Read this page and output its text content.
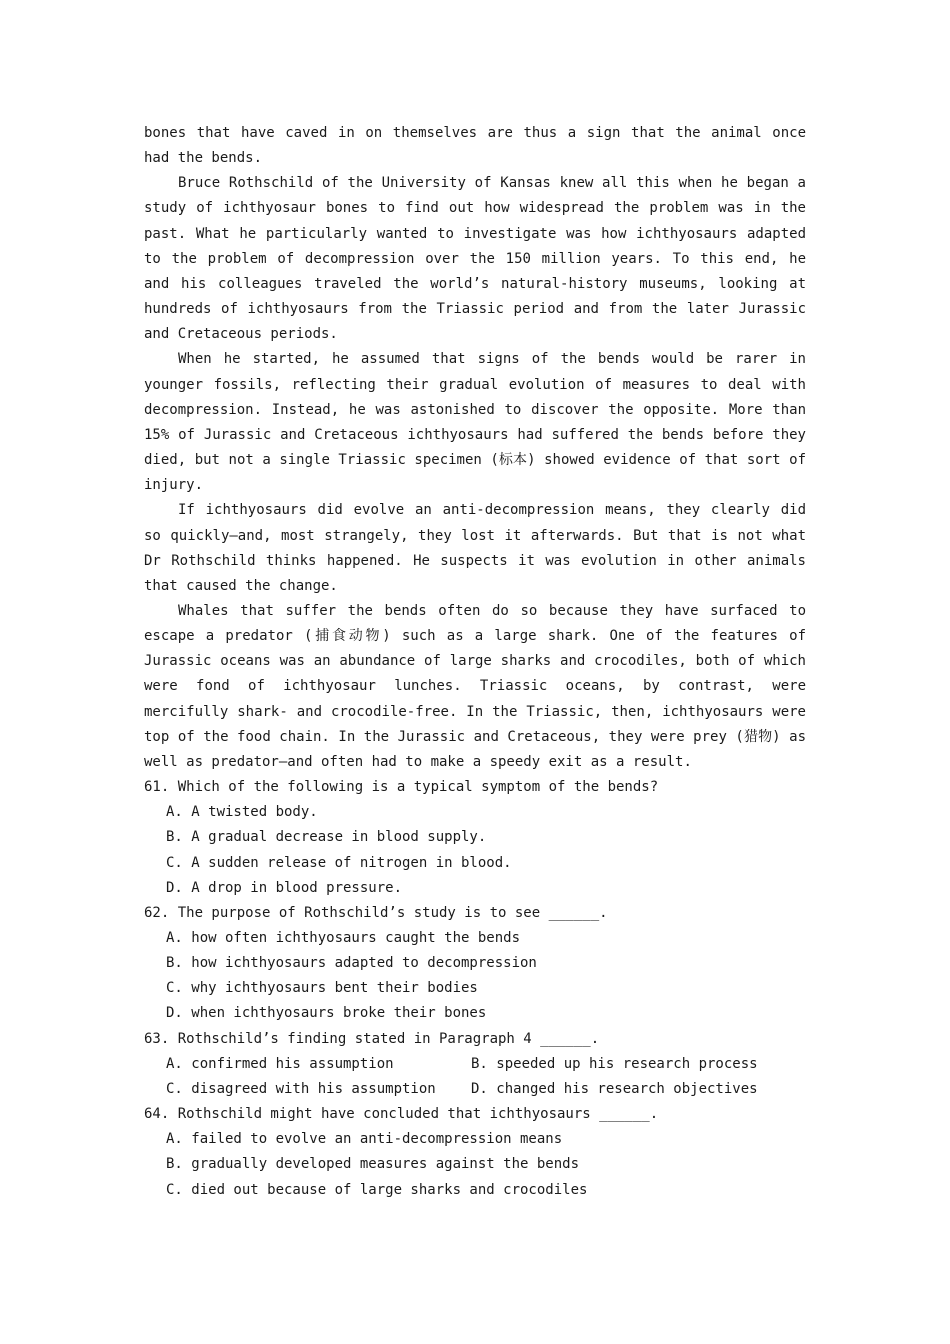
bones that have caved in on themselves are thus a sign that the animal once had the bends.

Bruce Rothschild of the University of Kansas knew all this when he began a study of ichthyosaur bones to find out how widespread the problem was in the past. What he particularly wanted to investigate was how ichthyosaurs adapted to the problem of decompression over the 150 million years. To this end, he and his colleagues traveled the world’s natural-history museums, looking at hundreds of ichthyosaurs from the Triassic period and from the later Jurassic and Cretaceous periods.

When he started, he assumed that signs of the bends would be rarer in younger fossils, reflecting their gradual evolution of measures to deal with decompression. Instead, he was astonished to discover the opposite. More than 15% of Jurassic and Cretaceous ichthyosaurs had suffered the bends before they died, but not a single Triassic specimen (标本) showed evidence of that sort of injury.

If ichthyosaurs did evolve an anti-decompression means, they clearly did so quickly—and, most strangely, they lost it afterwards. But that is not what Dr Rothschild thinks happened. He suspects it was evolution in other animals that caused the change.

Whales that suffer the bends often do so because they have surfaced to escape a predator (捕食动物) such as a large shark. One of the features of Jurassic oceans was an abundance of large sharks and crocodiles, both of which were fond of ichthyosaur lunches. Triassic oceans, by contrast, were mercifully shark- and crocodile-free. In the Triassic, then, ichthyosaurs were top of the food chain. In the Jurassic and Cretaceous, they were prey (猎物) as well as predator—and often had to make a speedy exit as a result.

61. Which of the following is a typical symptom of the bends?

A. A twisted body.

B. A gradual decrease in blood supply.

C. A sudden release of nitrogen in blood.

D. A drop in blood pressure.

62. The purpose of Rothschild’s study is to see ______.

A. how often ichthyosaurs caught the bends

B. how ichthyosaurs adapted to decompression

C. why ichthyosaurs bent their bodies

D. when ichthyosaurs broke their bones

63. Rothschild’s finding stated in Paragraph 4 ______.

A. confirmed his assumption	B. speeded up his research process
C. disagreed with his assumption	D. changed his research objectives

64. Rothschild might have concluded that ichthyosaurs ______.

A. failed to evolve an anti-decompression means

B. gradually developed measures against the bends

C. died out because of large sharks and crocodiles
